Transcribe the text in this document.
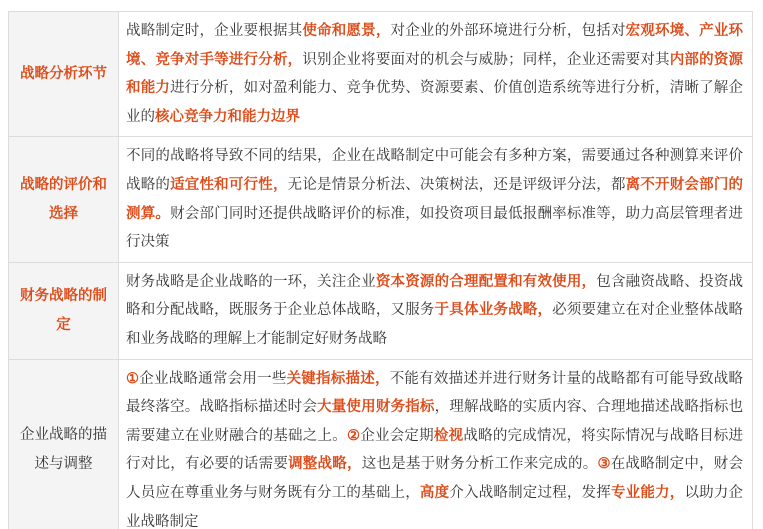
战略分析环节
战略制定时，企业要根据其使命和愿景，对企业的外部环境进行分析，包括对宏观环境、产业环境、竞争对手等进行分析，识别企业将要面对的机会与威胁；同样，企业还需要对其内部的资源和能力进行分析，如对盈利能力、竞争优势、资源要素、价值创造系统等进行分析，清晰了解企业的核心竞争力和能力边界
战略的评价和选择
不同的战略将导致不同的结果，企业在战略制定中可能会有多种方案，需要通过各种测算来评价战略的适宜性和可行性，无论是情景分析法、决策树法，还是评级评分法，都离不开财会部门的测算。财会部门同时还提供战略评价的标准，如投资项目最低报酬率标准等，助力高层管理者进行决策
财务战略的制定
财务战略是企业战略的一环，关注企业资本资源的合理配置和有效使用，包含融资战略、投资战略和分配战略，既服务于企业总体战略，又服务于具体业务战略，必须要建立在对企业整体战略和业务战略的理解上才能制定好财务战略
企业战略的描述与调整
①企业战略通常会用一些关键指标描述，不能有效描述并进行财务计量的战略都有可能导致战略最终落空。战略指标描述时会大量使用财务指标，理解战略的实质内容、合理地描述战略指标也需要建立在业财融合的基础之上。②企业会定期检视战略的完成情况，将实际情况与战略目标进行对比，有必要的话需要调整战略，这也是基于财务分析工作来完成的。③在战略制定中，财会人员应在尊重业务与财务既有分工的基础上，高度介入战略制定过程，发挥专业能力，以助力企业战略制定
